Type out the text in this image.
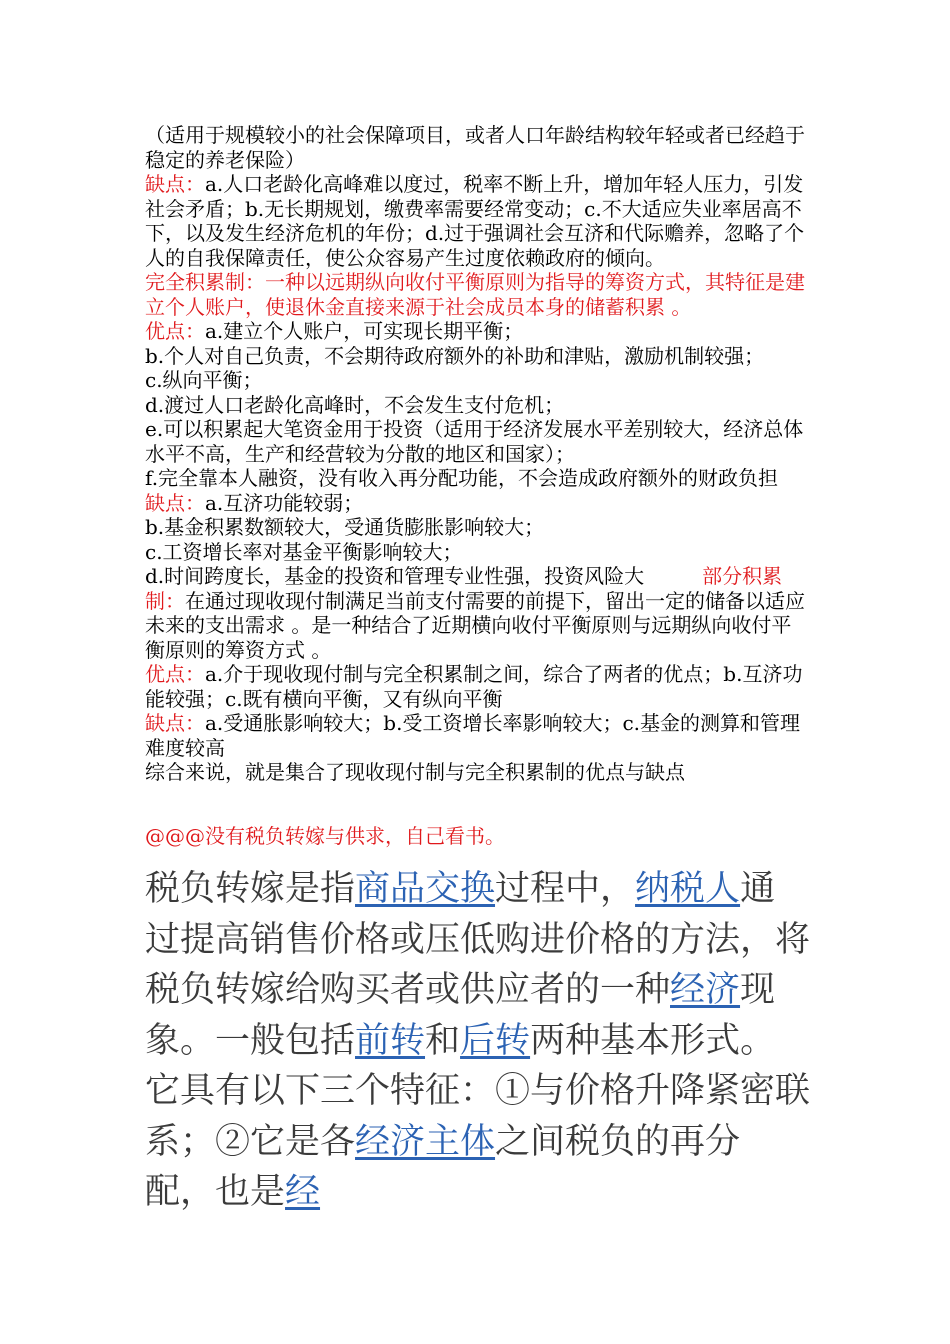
（适用于规模较小的社会保障项目，或者人口年龄结构较年轻或者已经趋于稳定的养老保险）

缺点：a.人口老龄化高峰难以度过，税率不断上升，增加年轻人压力，引发社会矛盾；b.无长期规划，缴费率需要经常变动；c.不大适应失业率居高不下，以及发生经济危机的年份；d.过于强调社会互济和代际赡养，忽略了个人的自我保障责任，使公众容易产生过度依赖政府的倾向。

完全积累制：一种以远期纵向收付平衡原则为指导的筹资方式，其特征是建立个人账户，使退休金直接来源于社会成员本身的储蓄积累 。

优点：a.建立个人账户，可实现长期平衡；

b.个人对自己负责，不会期待政府额外的补助和津贴，激励机制较强；

c.纵向平衡；

d.渡过人口老龄化高峰时，不会发生支付危机；

e.可以积累起大笔资金用于投资（适用于经济发展水平差别较大，经济总体水平不高，生产和经营较为分散的地区和国家）；

f.完全靠本人融资，没有收入再分配功能，不会造成政府额外的财政负担

缺点：a.互济功能较弱；

b.基金积累数额较大，受通货膨胀影响较大；

c.工资增长率对基金平衡影响较大；

d.时间跨度长，基金的投资和管理专业性强，投资风险大	部分积累制：在通过现收现付制满足当前支付需要的前提下，留出一定的储备以适应未来的支出需求 。是一种结合了近期横向收付平衡原则与远期纵向收付平衡原则的筹资方式 。

优点：a.介于现收现付制与完全积累制之间，综合了两者的优点；b.互济功能较强；c.既有横向平衡，又有纵向平衡

缺点：a.受通胀影响较大；b.受工资增长率影响较大；c.基金的测算和管理难度较高

综合来说，就是集合了现收现付制与完全积累制的优点与缺点

@@@没有税负转嫁与供求，自己看书。

税负转嫁是指商品交换过程中，纳税人通过提高销售价格或压低购进价格的方法，将税负转嫁给购买者或供应者的一种经济现象。一般包括前转和后转两种基本形式。它具有以下三个特征：①与价格升降紧密联系；②它是各经济主体之间税负的再分配，也是经
